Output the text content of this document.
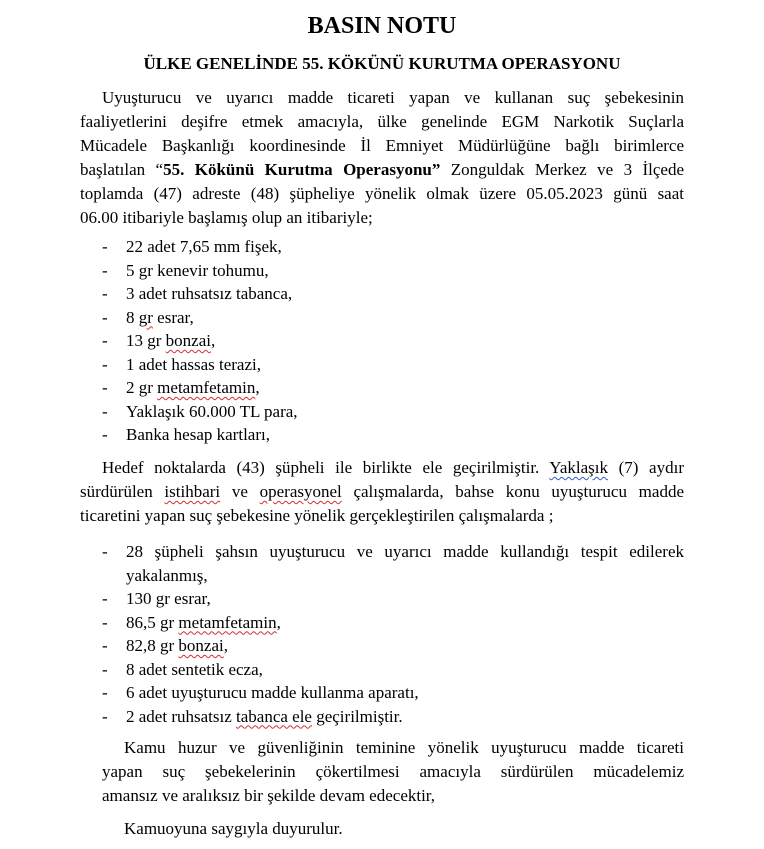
BASIN NOTU
ÜLKE GENELİNDE 55. KÖKÜNÜ KURUTMA OPERASYONU
Uyuşturucu ve uyarıcı madde ticareti yapan ve kullanan suç şebekesinin
faaliyetlerini deşifre etmek amacıyla, ülke genelinde EGM Narkotik Suçlarla
Mücadele Başkanlığı koordinesinde İl Emniyet Müdürlüğüne bağlı birimlerce
başlatılan “55. Kökünü Kurutma Operasyonu” Zonguldak Merkez ve 3 İlçede
toplamda (47) adreste (48) şüpheliye yönelik olmak üzere 05.05.2023 günü saat
06.00 itibariyle başlamış olup an itibariyle;
- 22 adet 7,65 mm fişek,
- 5 gr kenevir tohumu,
- 3 adet ruhsatsız tabanca,
- 8 gr esrar,
- 13 gr bonzai,
- 1 adet hassas terazi,
- 2 gr metamfetamin,
- Yaklaşık 60.000 TL para,
- Banka hesap kartları,
Hedef noktalarda (43) şüpheli ile birlikte ele geçirilmiştir. Yaklaşık (7) aydır
sürdürülen istihbari ve operasyonel çalışmalarda, bahse konu uyuşturucu madde
ticaretini yapan suç şebekesine yönelik gerçekleştirilen çalışmalarda ;
- 28 şüpheli şahsın uyuşturucu ve uyarıcı madde kullandığı tespit edilerek
yakalanmış,
- 130 gr esrar,
- 86,5 gr metamfetamin,
- 82,8 gr bonzai,
- 8 adet sentetik ecza,
- 6 adet uyuşturucu madde kullanma aparatı,
- 2 adet ruhsatsız tabanca ele geçirilmiştir.
Kamu huzur ve güvenliğinin teminine yönelik uyuşturucu madde ticareti
yapan suç şebekelerinin çökertilmesi amacıyla sürdürülen mücadelemiz
amansız ve aralıksız bir şekilde devam edecektir,
Kamuoyuna saygıyla duyurulur.
